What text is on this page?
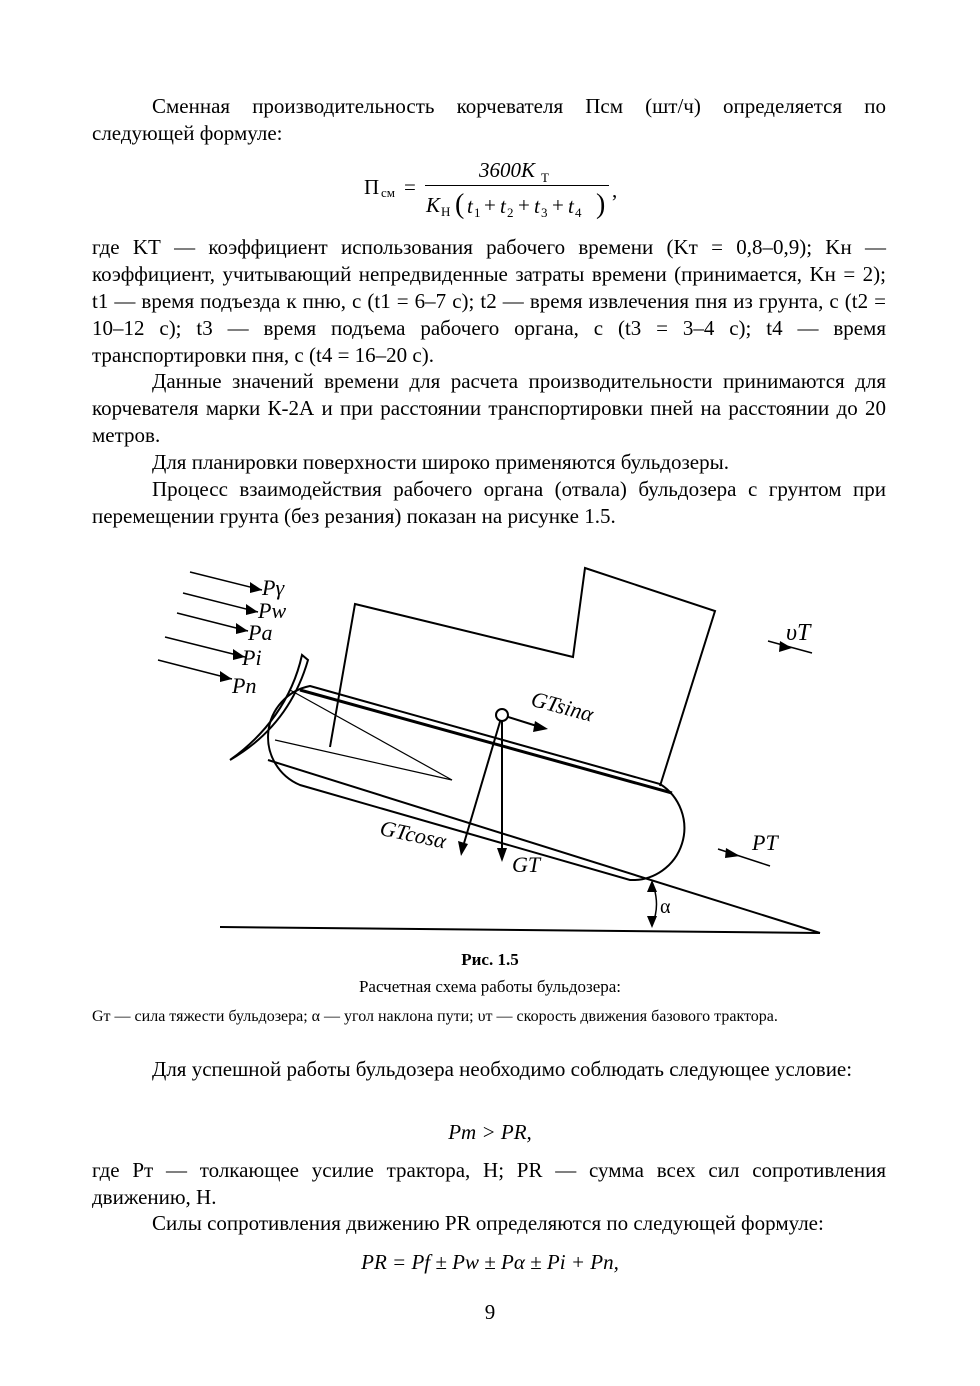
Сменная производительность корчевателя Псм (шт/ч) определяется по следующей формуле:

П см =
3600K Т
K Н ( t 1 + t 2 + t 3 + t 4 ) ,

где KТ — коэффициент использования рабочего времени (Kт = 0,8–0,9); Kн — коэффициент, учитывающий непредвиденные затраты времени (принимается, Kн = 2); t1 — время подъезда к пню, с (t1 = 6–7 с); t2 — время извлечения пня из грунта, с (t2 = 10–12 с); t3 — время подъема рабочего органа, с (t3 = 3–4 с); t4 — время транспортировки пня, с (t4 = 16–20 с).

Данные значений времени для расчета производительности принимаются для корчевателя марки К-2А и при расстоянии транспортировки пней на расстоянии до 20 метров.

Для планировки поверхности широко применяются бульдозеры.

Процесс взаимодействия рабочего органа (отвала) бульдозера с грунтом при перемещении грунта (без резания) показан на рисунке 1.5.

Pγ
Pw
Pa
Pi
Pп
υT
GTsinα
GTcosα
GT
PT
α
Рис. 1.5
Расчетная схема работы бульдозера:

Gт — сила тяжести бульдозера; α — угол наклона пути; υт — скорость движения базового трактора.

Для успешной работы бульдозера необходимо соблюдать следующее условие:

Pт > PR,

где Pт — толкающее усилие трактора, Н; PR — сумма всех сил сопротивления движению, Н.

Силы сопротивления движению PR определяются по следующей формуле:

PR = Pf ± Pw ± Pα ± Pi + Pп,
9
